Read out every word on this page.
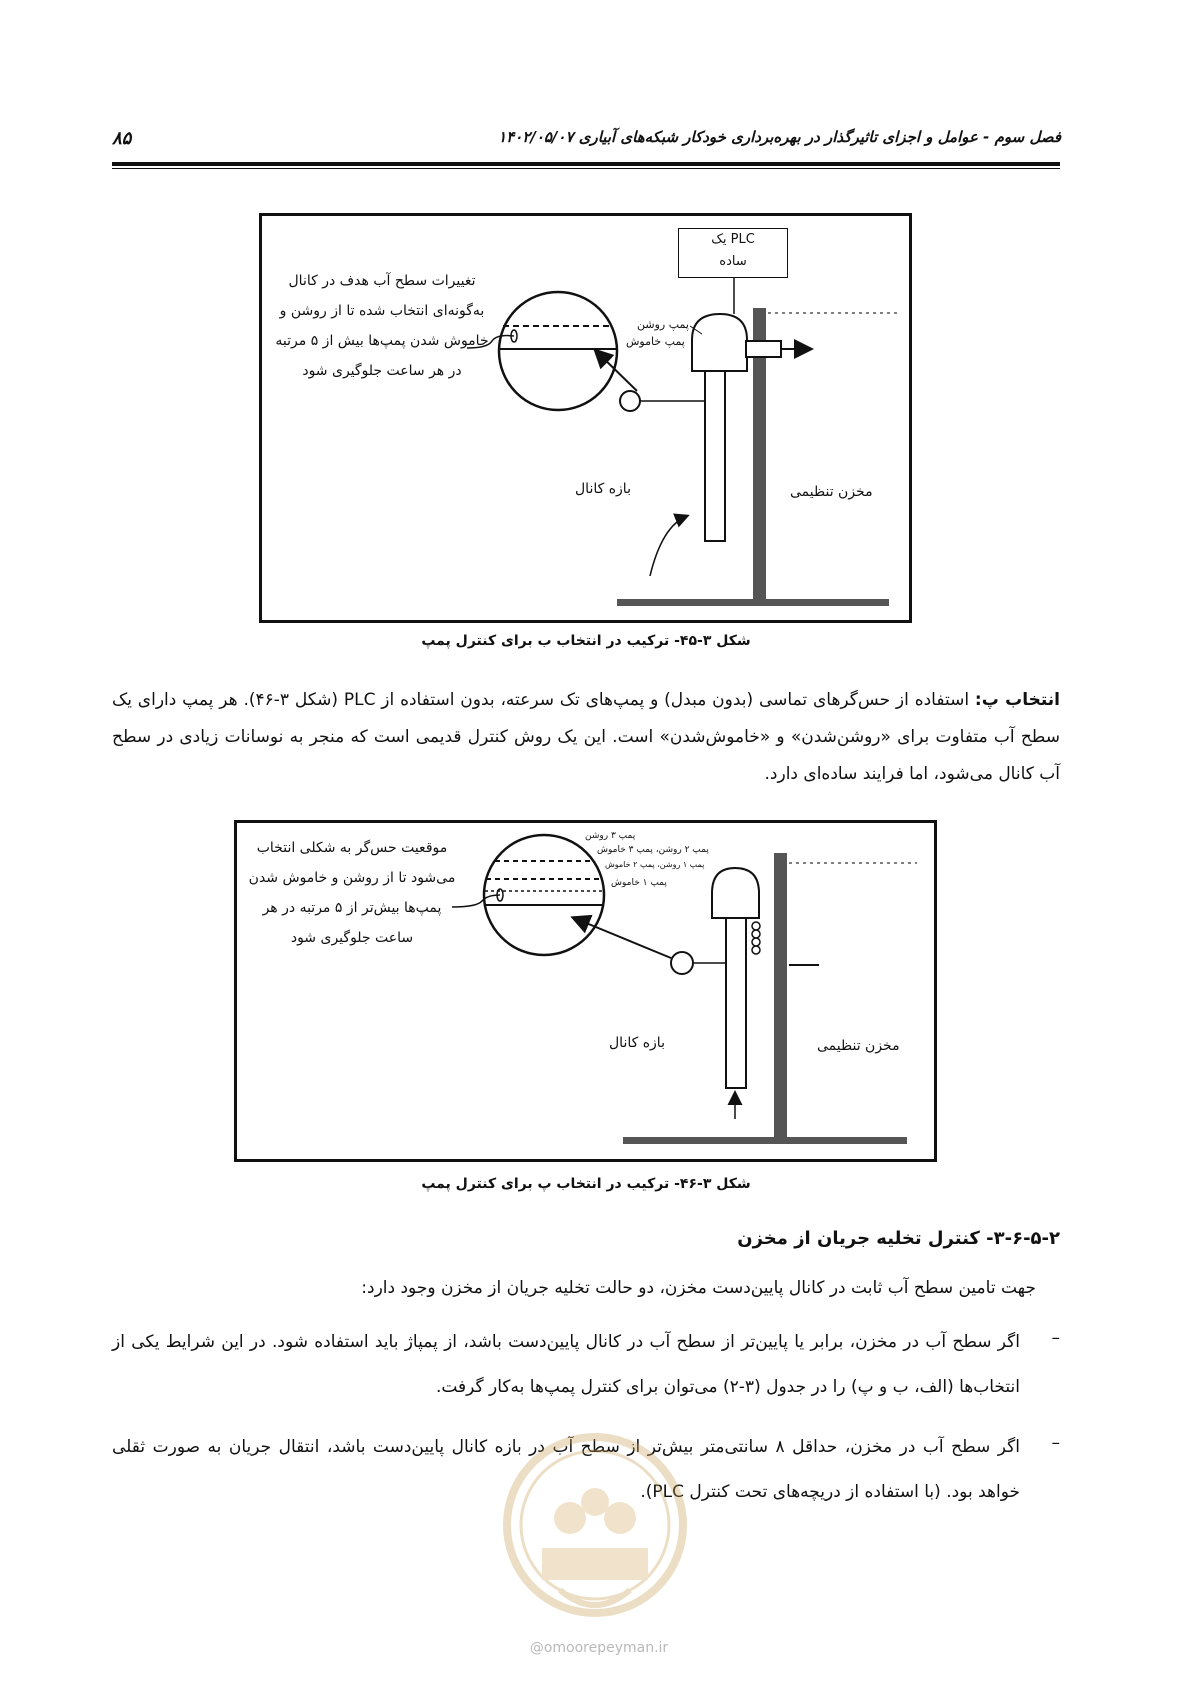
فصل سوم - عوامل و اجزای تاثیرگذار در بهره‌برداری خودکار شبکه‌های آبیاری ۱۴۰۲/۰۵/۰۷
۸۵
تغییرات سطح آب هدف در کانال به‌گونه‌ای انتخاب شده تا از روشن و خاموش شدن پمپ‌ها بیش از ۵ مرتبه در هر ساعت جلوگیری شود
یک PLC
ساده
پمپ روشن
پمپ خاموش
بازه کانال	مخزن تنظیمی
شکل ۳-۴۵- ترکیب در انتخاب ب برای کنترل پمپ
انتخاب پ: استفاده از حس‌گرهای تماسی (بدون مبدل) و پمپ‌های تک سرعته، بدون استفاده از PLC (شکل ۳-۴۶). هر پمپ دارای یک سطح آب متفاوت برای «روشن‌شدن» و «خاموش‌شدن» است. این یک روش کنترل قدیمی است که منجر به نوسانات زیادی در سطح آب کانال می‌شود، اما فرایند ساده‌ای دارد.
موقعیت حس‌گر به شکلی انتخاب می‌شود تا از روشن و خاموش شدن پمپ‌ها بیش‌تر از ۵ مرتبه در هر ساعت جلوگیری شود
پمپ ۳ روشن
پمپ ۲ روشن، پمپ ۳ خاموش
پمپ ۱ روشن، پمپ ۲ خاموش
پمپ ۱ خاموش
بازه کانال	مخزن تنظیمی
شکل ۳-۴۶- ترکیب در انتخاب پ برای کنترل پمپ
۳-۶-۵-۲- کنترل تخلیه جریان از مخزن
جهت تامین سطح آب ثابت در کانال پایین‌دست مخزن، دو حالت تخلیه جریان از مخزن وجود دارد:
–
اگر سطح آب در مخزن، برابر یا پایین‌تر از سطح آب در کانال پایین‌دست باشد، از پمپاژ باید استفاده شود. در این شرایط یکی از انتخاب‌ها (الف، ب و پ) را در جدول (۳-۲) می‌توان برای کنترل پمپ‌ها به‌کار گرفت.
–
اگر سطح آب در مخزن، حداقل ۸ سانتی‌متر بیش‌تر از سطح آب در بازه کانال پایین‌دست باشد، انتقال جریان به صورت ثقلی خواهد بود. (با استفاده از دریچه‌های تحت کنترل PLC).
@omoorepeyman.ir
